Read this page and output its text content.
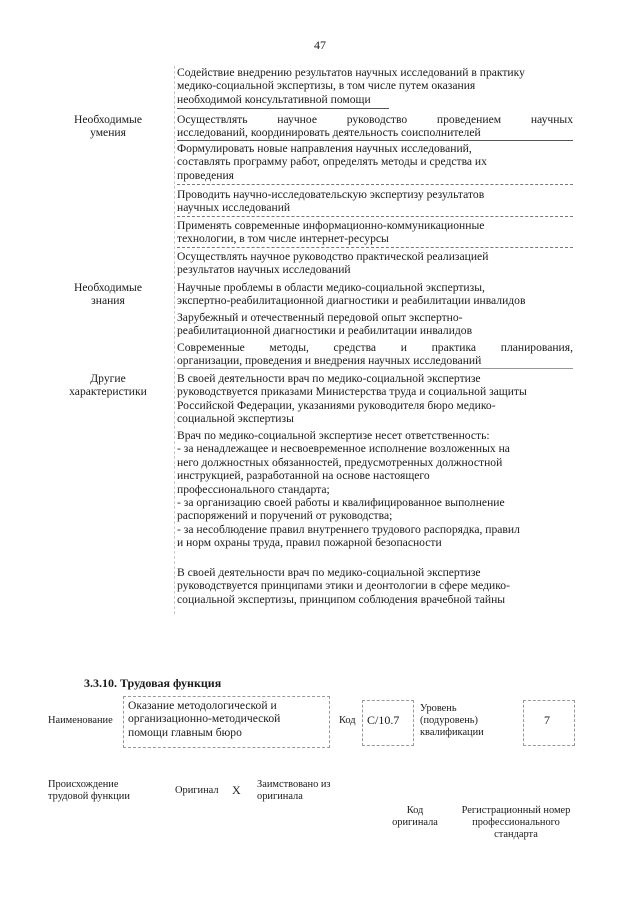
47
Содействие внедрению результатов научных исследований в практику
медико-социальной экспертизы, в том числе путем оказания
необходимой консультативной помощи
Необходимые
умения
Осуществлять научное руководство проведением научных
исследований, координировать деятельность соисполнителей
Формулировать новые направления научных исследований,
составлять программу работ, определять методы и средства их
проведения
Проводить научно-исследовательскую экспертизу результатов
научных исследований
Применять современные информационно-коммуникационные
технологии, в том числе интернет-ресурсы
Осуществлять научное руководство практической реализацией
результатов научных исследований
Необходимые
знания
Научные проблемы в области медико-социальной экспертизы,
экспертно-реабилитационной диагностики и реабилитации инвалидов
Зарубежный и отечественный передовой опыт экспертно-
реабилитационной диагностики и реабилитации инвалидов
Современные методы, средства и практика планирования,
организации, проведения и внедрения научных исследований
Другие
характеристики
В своей деятельности врач по медико-социальной экспертизе
руководствуется приказами Министерства труда и социальной защиты
Российской Федерации, указаниями руководителя бюро медико-
социальной экспертизы
Врач по медико-социальной экспертизе несет ответственность:
- за ненадлежащее и несвоевременное исполнение возложенных на
него должностных обязанностей, предусмотренных должностной
инструкцией, разработанной на основе настоящего
профессионального стандарта;
- за организацию своей работы и квалифицированное выполнение
распоряжений и поручений от руководства;
- за несоблюдение правил внутреннего трудового распорядка, правил
и норм охраны труда, правил пожарной безопасности
В своей деятельности врач по медико-социальной экспертизе
руководствуется принципами этики и деонтологии в сфере медико-
социальной экспертизы, принципом соблюдения врачебной тайны
3.3.10. Трудовая функция
Наименование
Оказание методологической и
организационно-методической
помощи главным бюро
Код С/10.7
Уровень
(подуровень)
квалификации
7
Происхождение
трудовой функции
Оригинал X Заимствовано из
оригинала
Код
оригинала
Регистрационный номер
профессионального
стандарта
